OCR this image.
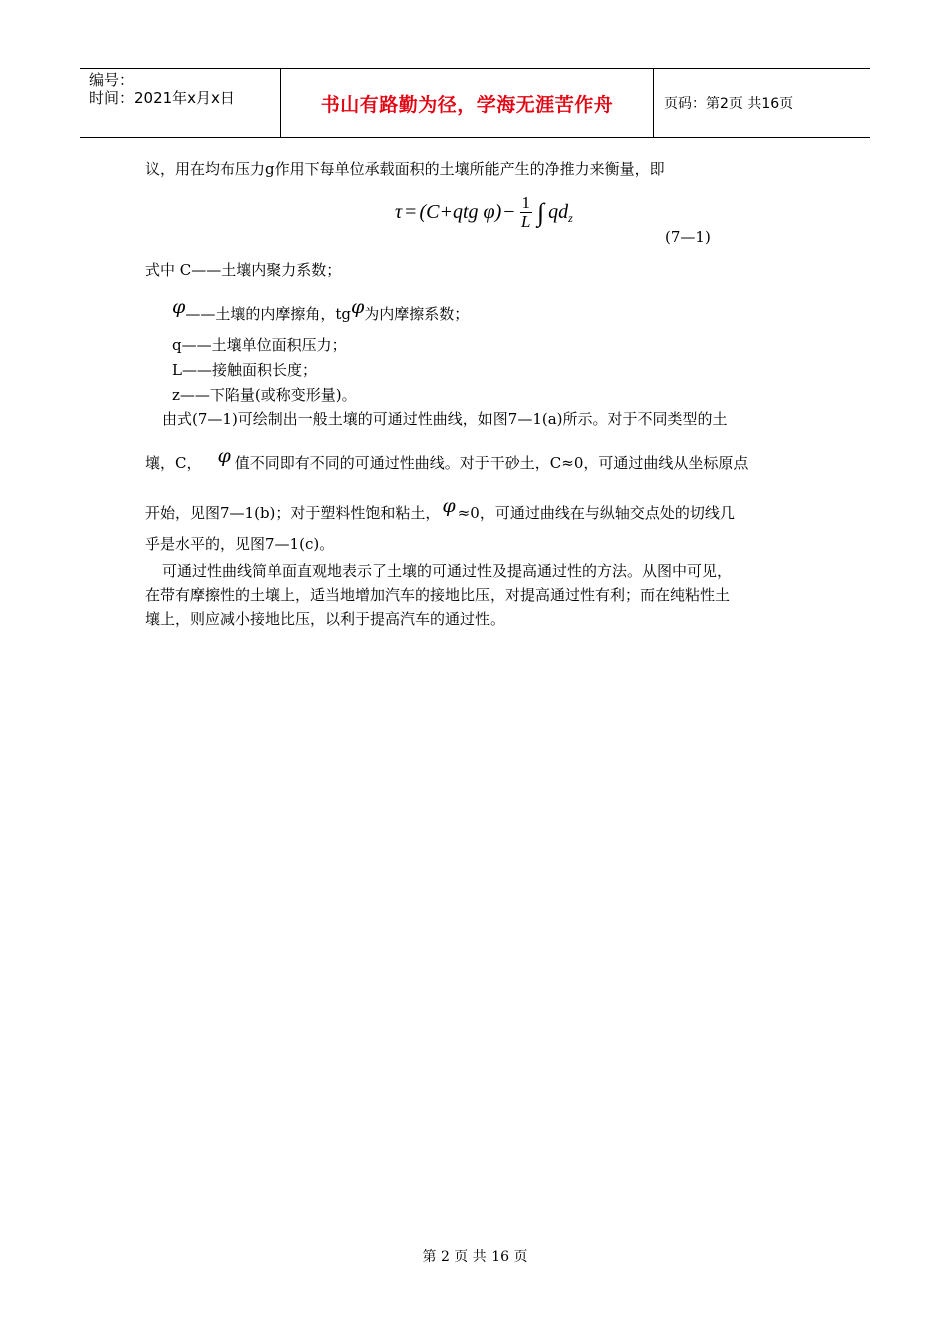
编号：
时间：2021年x月x日	书山有路勤为径，学海无涯苦作舟	页码：第2页 共16页
议，用在均布压力g作用下每单位承载面积的土壤所能产生的净推力来衡量，即
τ = (C+qtg $\varphi) - \frac{1}{L}$ ∫ qd z
(7—1)
式中 C——土壤内聚力系数；
φ——土壤的内摩擦角，tgφ为内摩擦系数；
q——土壤单位面积压力；
L——接触面积长度；
z——下陷量(或称变形量)。
由式(7—1)可绘制出一般土壤的可通过性曲线，如图7—1(a)所示。对于不同类型的土
壤，C， φ 值不同即有不同的可通过性曲线。对于干砂土，C≈0，可通过曲线从坐标原点
开始，见图7—1(b)；对于塑料性饱和粘土， φ ≈0，可通过曲线在与纵轴交点处的切线几
乎是水平的，见图7—1(c)。
可通过性曲线简单面直观地表示了土壤的可通过性及提高通过性的方法。从图中可见，
在带有摩擦性的土壤上，适当地增加汽车的接地比压，对提高通过性有利；而在纯粘性土
壤上，则应减小接地比压，以利于提高汽车的通过性。
第 2 页 共 16 页
